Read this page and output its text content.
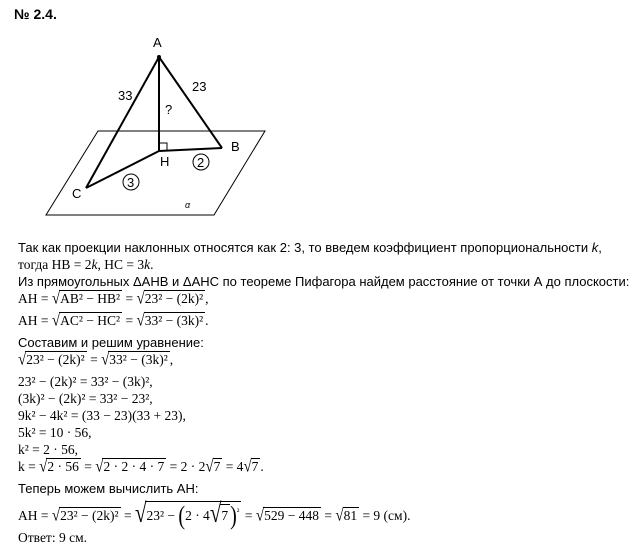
№ 2.4.
A
B
C
H
33
23
?
2
3
α
Так как проекции наклонных относятся как 2: 3, то введем коэффициент пропорциональности k,
тогда HB = 2k, HC = 3k.
Из прямоугольных ΔAHB и ΔAHC по теореме Пифагора найдем расстояние от точки А до плоскости:
AH = √AB² − HB² = √23² − (2k)² ,
AH = √AC² − HC² = √33² − (3k)² .
Составим и решим уравнение:
√23² − (2k)² = √33² − (3k)² ,
23² − (2k)² = 33² − (3k)²,
(3k)² − (2k)² = 33² − 23²,
9k² − 4k² = (33 − 23)(33 + 23),
5k² = 10 · 56,
k² = 2 · 56,
k = √2 · 56 = √2 · 2 · 4 · 7 = 2 · 2√7 = 4√7 .
Теперь можем вычислить AH:
AH = √23² − (2k)² = √23² − (2 · 4√7 )$^{^2}$ = √529 − 448 = √81 = 9 (см).
Ответ: 9 см.
